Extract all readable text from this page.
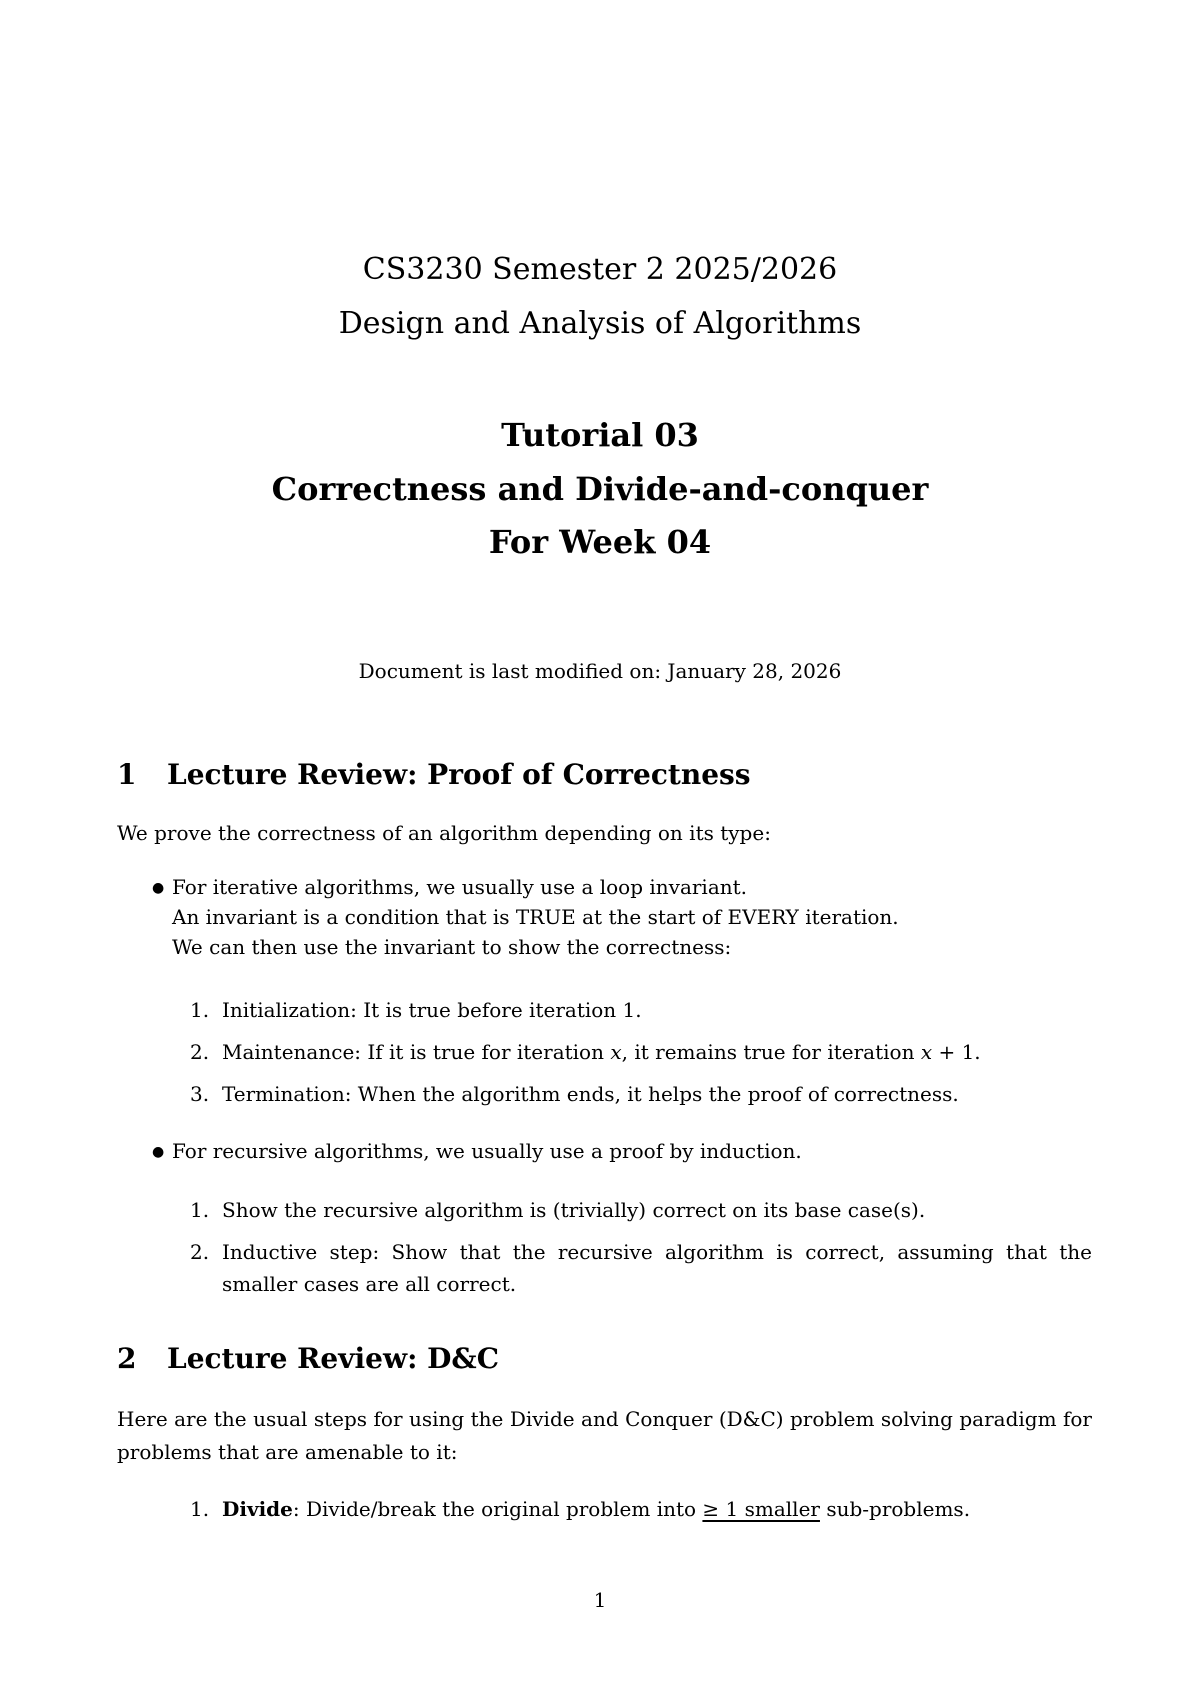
CS3230 Semester 2 2025/2026
Design and Analysis of Algorithms
Tutorial 03
Correctness and Divide-and-conquer
For Week 04
Document is last modified on: January 28, 2026
1 Lecture Review: Proof of Correctness
We prove the correctness of an algorithm depending on its type:
● For iterative algorithms, we usually use a loop invariant.
An invariant is a condition that is TRUE at the start of EVERY iteration.
We can then use the invariant to show the correctness:
1. Initialization: It is true before iteration 1.
2. Maintenance: If it is true for iteration x, it remains true for iteration x + 1.
3. Termination: When the algorithm ends, it helps the proof of correctness.
● For recursive algorithms, we usually use a proof by induction.
1. Show the recursive algorithm is (trivially) correct on its base case(s).
2. Inductive step: Show that the recursive algorithm is correct, assuming that the smaller cases are all correct.
2 Lecture Review: D&C
Here are the usual steps for using the Divide and Conquer (D&C) problem solving paradigm for problems that are amenable to it:
1. Divide: Divide/break the original problem into ≥ 1 smaller sub-problems.
1
